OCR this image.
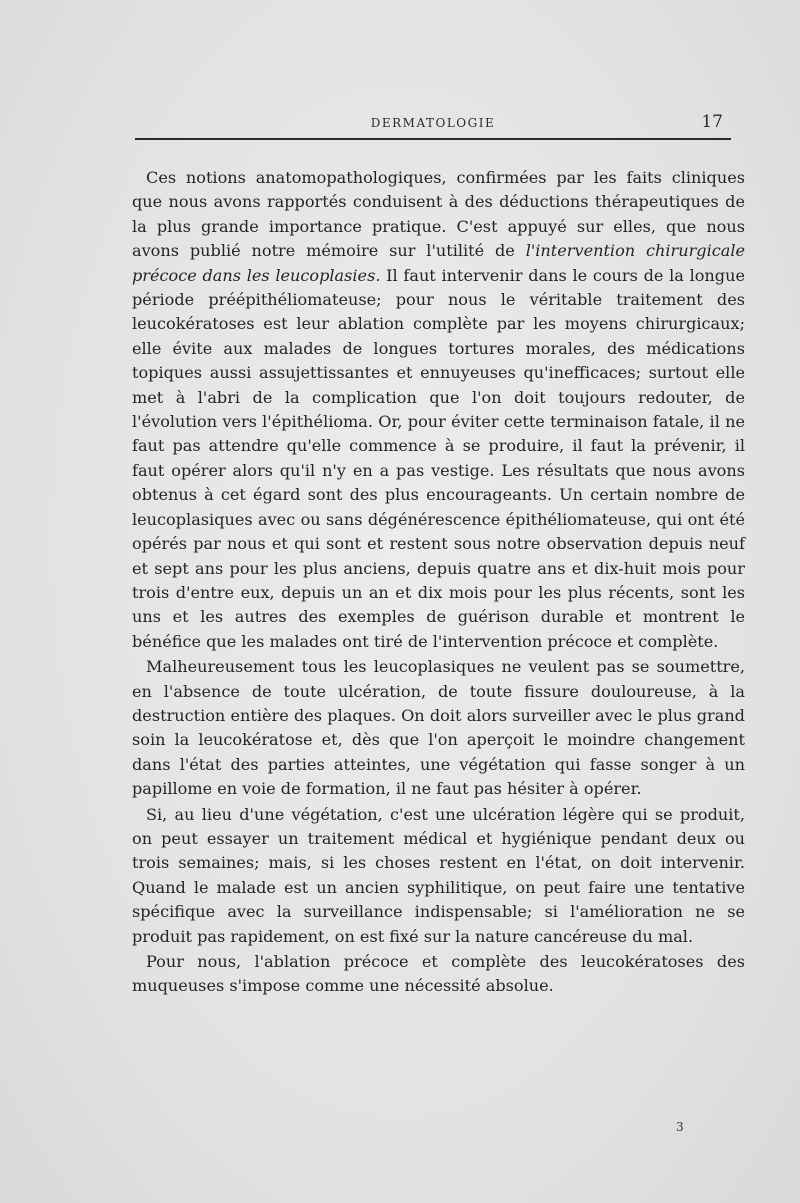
DERMATOLOGIE	17

Ces notions anatomopathologiques, confirmées par les faits cliniques que nous avons rapportés conduisent à des déductions thérapeutiques de la plus grande importance pratique. C'est appuyé sur elles, que nous avons publié notre mémoire sur l'utilité de l'intervention chirurgicale précoce dans les leucoplasies. Il faut intervenir dans le cours de la longue période préépithéliomateuse; pour nous le véritable traitement des leucokératoses est leur ablation complète par les moyens chirurgicaux; elle évite aux malades de longues tortures morales, des médications topiques aussi assujettissantes et ennuyeuses qu'inefficaces; surtout elle met à l'abri de la complication que l'on doit toujours redouter, de l'évolution vers l'épithélioma. Or, pour éviter cette terminaison fatale, il ne faut pas attendre qu'elle commence à se produire, il faut la prévenir, il faut opérer alors qu'il n'y en a pas vestige. Les résultats que nous avons obtenus à cet égard sont des plus encourageants. Un certain nombre de leucoplasiques avec ou sans dégénérescence épithéliomateuse, qui ont été opérés par nous et qui sont et restent sous notre observation depuis neuf et sept ans pour les plus anciens, depuis quatre ans et dix-huit mois pour trois d'entre eux, depuis un an et dix mois pour les plus récents, sont les uns et les autres des exemples de guérison durable et montrent le bénéfice que les malades ont tiré de l'intervention précoce et complète.

Malheureusement tous les leucoplasiques ne veulent pas se soumettre, en l'absence de toute ulcération, de toute fissure douloureuse, à la destruction entière des plaques. On doit alors surveiller avec le plus grand soin la leucokératose et, dès que l'on aperçoit le moindre changement dans l'état des parties atteintes, une végétation qui fasse songer à un papillome en voie de formation, il ne faut pas hésiter à opérer.

Si, au lieu d'une végétation, c'est une ulcération légère qui se produit, on peut essayer un traitement médical et hygiénique pendant deux ou trois semaines; mais, si les choses restent en l'état, on doit intervenir. Quand le malade est un ancien syphilitique, on peut faire une tentative spécifique avec la surveillance indispensable; si l'amélioration ne se produit pas rapidement, on est fixé sur la nature cancéreuse du mal.

Pour nous, l'ablation précoce et complète des leucokératoses des muqueuses s'impose comme une nécessité absolue.

3
